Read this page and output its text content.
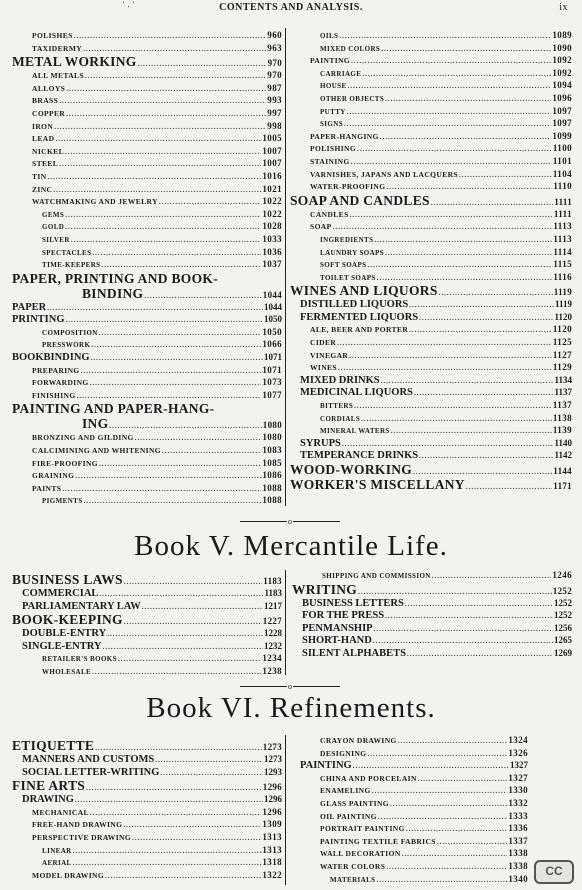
' . '	CONTENTS AND ANALYSIS.	ix
POLISHES .....	960
TAXIDERMY .....	963
METAL WORKING .....	970
ALL METALS .....	970
ALLOYS .....	987
BRASS .....	993
COPPER .....	997
IRON .....	998
LEAD .....	1005
NICKEL .....	1007
STEEL .....	1007
TIN .....	1016
ZINC .....	1021
WATCHMAKING AND JEWELRY .....	1022
GEMS .....	1022
GOLD .....	1028
SILVER .....	1033
SPECTACLES .....	1036
TIME-KEEPERS .....	1037
PAPER, PRINTING AND BOOK-
BINDING .....	1044
PAPER .....	1044
PRINTING .....	1050
COMPOSITION .....	1050
PRESSWORK .....	1066
BOOKBINDING .....	1071
PREPARING .....	1071
FORWARDING .....	1073
FINISHING .....	1077
PAINTING AND PAPER-HANG-
ING .....	1080
BRONZING AND GILDING .....	1080
CALCIMINING AND WHITENING .....	1083
FIRE-PROOFING .....	1085
GRAINING .....	1086
PAINTS .....	1088
PIGMENTS .....	1088
OILS .....	1089
MIXED COLORS .....	1090
PAINTING .....	1092
CARRIAGE .....	1092
HOUSE .....	1094
OTHER OBJECTS .....	1096
PUTTY .....	1097
SIGNS .....	1097
PAPER-HANGING .....	1099
POLISHING .....	1100
STAINING .....	1101
VARNISHES, JAPANS AND LACQUERS .....	1104
WATER-PROOFING .....	1110
SOAP AND CANDLES .....	1111
CANDLES .....	1111
SOAP .....	1113
INGREDIENTS .....	1113
LAUNDRY SOAPS .....	1114
SOFT SOAPS .....	1115
TOILET SOAPS .....	1116
WINES AND LIQUORS .....	1119
DISTILLED LIQUORS .....	1119
FERMENTED LIQUORS .....	1120
ALE, BEER AND PORTER .....	1120
CIDER .....	1125
VINEGAR .....	1127
WINES .....	1129
MIXED DRINKS .....	1134
MEDICINAL LIQUORS .....	1137
BITTERS .....	1137
CORDIALS .....	1138
MINERAL WATERS .....	1139
SYRUPS .....	1140
TEMPERANCE DRINKS .....	1142
WOOD-WORKING .....	1144
WORKER'S MISCELLANY .....	1171
o
Book V. Mercantile Life.
BUSINESS LAWS .....	1183
COMMERCIAL .....	1183
PARLIAMENTARY LAW .....	1217
BOOK-KEEPING .....	1227
DOUBLE-ENTRY .....	1228
SINGLE-ENTRY .....	1232
RETAILER'S BOOKS .....	1234
WHOLESALE .....	1238
SHIPPING AND COMMISSION .....	1246
WRITING .....	1252
BUSINESS LETTERS .....	1252
FOR THE PRESS .....	1252
PENMANSHIP .....	1256
SHORT-HAND .....	1265
SILENT ALPHABETS .....	1269
o
Book VI. Refinements.
ETIQUETTE .....	1273
MANNERS AND CUSTOMS .....	1273
SOCIAL LETTER-WRITING .....	1293
FINE ARTS .....	1296
DRAWING .....	1296
MECHANICAL .....	1296
FREE-HAND DRAWING .....	1309
PERSPECTIVE DRAWING .....	1313
LINEAR .....	1313
AERIAL .....	1318
MODEL DRAWING .....	1322
CRAYON DRAWING .....	1324
DESIGNING .....	1326
PAINTING .....	1327
CHINA AND PORCELAIN .....	1327
ENAMELING .....	1330
GLASS PAINTING .....	1332
OIL PAINTING .....	1333
PORTRAIT PAINTING .....	1336
PAINTING TEXTILE FABRICS .....	1337
WALL DECORATION .....	1338
WATER COLORS .....	1338
MATERIALS .....	1340
CC
